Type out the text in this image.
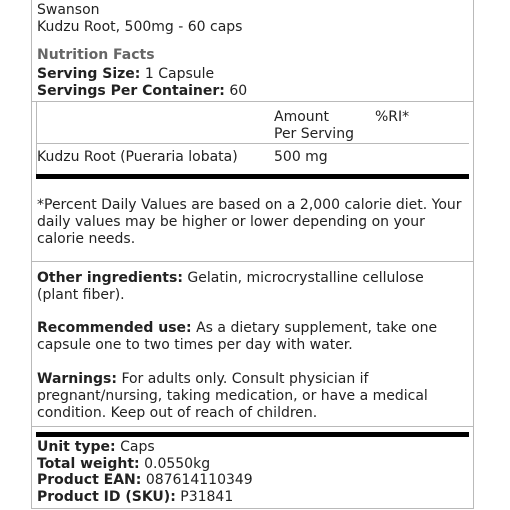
Swanson
Kudzu Root, 500mg - 60 caps
Nutrition Facts
Serving Size: 1 Capsule
Servings Per Container: 60
Amount
Per Serving
%RI*
Kudzu Root (Pueraria lobata)	500 mg
*Percent Daily Values are based on a 2,000 calorie diet. Your daily values may be higher or lower depending on your calorie needs.
Other ingredients: Gelatin, microcrystalline cellulose (plant fiber).
Recommended use: As a dietary supplement, take one capsule one to two times per day with water.
Warnings: For adults only. Consult physician if pregnant/nursing, taking medication, or have a medical condition. Keep out of reach of children.
Unit type: Caps
Total weight: 0.0550kg
Product EAN: 087614110349
Product ID (SKU): P31841
